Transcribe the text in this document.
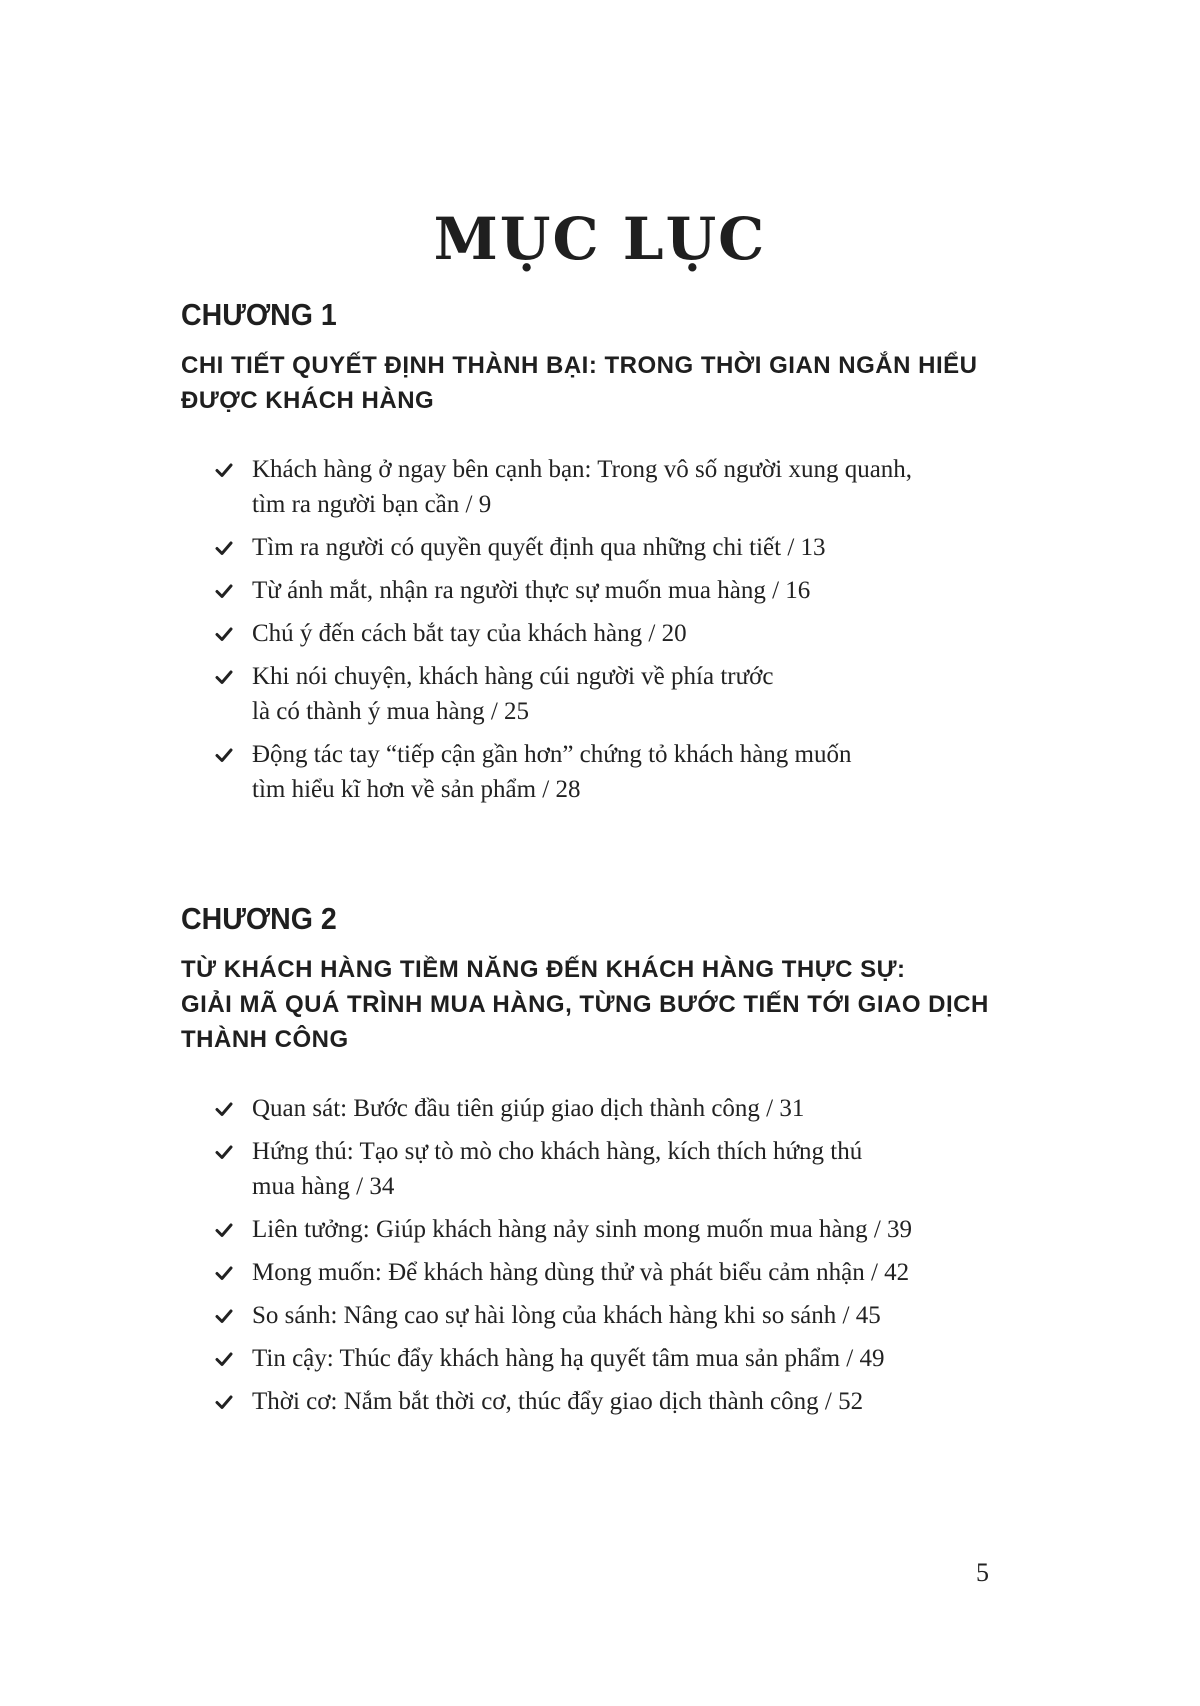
MỤC LỤC
CHƯƠNG 1
CHI TIẾT QUYẾT ĐỊNH THÀNH BẠI: TRONG THỜI GIAN NGẮN HIỂU
ĐƯỢC KHÁCH HÀNG
Khách hàng ở ngay bên cạnh bạn: Trong vô số người xung quanh,
tìm ra người bạn cần / 9
Tìm ra người có quyền quyết định qua những chi tiết / 13
Từ ánh mắt, nhận ra người thực sự muốn mua hàng / 16
Chú ý đến cách bắt tay của khách hàng / 20
Khi nói chuyện, khách hàng cúi người về phía trước
là có thành ý mua hàng / 25
Động tác tay “tiếp cận gần hơn” chứng tỏ khách hàng muốn
tìm hiểu kĩ hơn về sản phẩm / 28
CHƯƠNG 2
TỪ KHÁCH HÀNG TIỀM NĂNG ĐẾN KHÁCH HÀNG THỰC SỰ:
GIẢI MÃ QUÁ TRÌNH MUA HÀNG, TỪNG BƯỚC TIẾN TỚI GIAO DỊCH
THÀNH CÔNG
Quan sát: Bước đầu tiên giúp giao dịch thành công / 31
Hứng thú: Tạo sự tò mò cho khách hàng, kích thích hứng thú
mua hàng / 34
Liên tưởng: Giúp khách hàng nảy sinh mong muốn mua hàng / 39
Mong muốn: Để khách hàng dùng thử và phát biểu cảm nhận / 42
So sánh: Nâng cao sự hài lòng của khách hàng khi so sánh / 45
Tin cậy: Thúc đẩy khách hàng hạ quyết tâm mua sản phẩm / 49
Thời cơ: Nắm bắt thời cơ, thúc đẩy giao dịch thành công / 52
5
